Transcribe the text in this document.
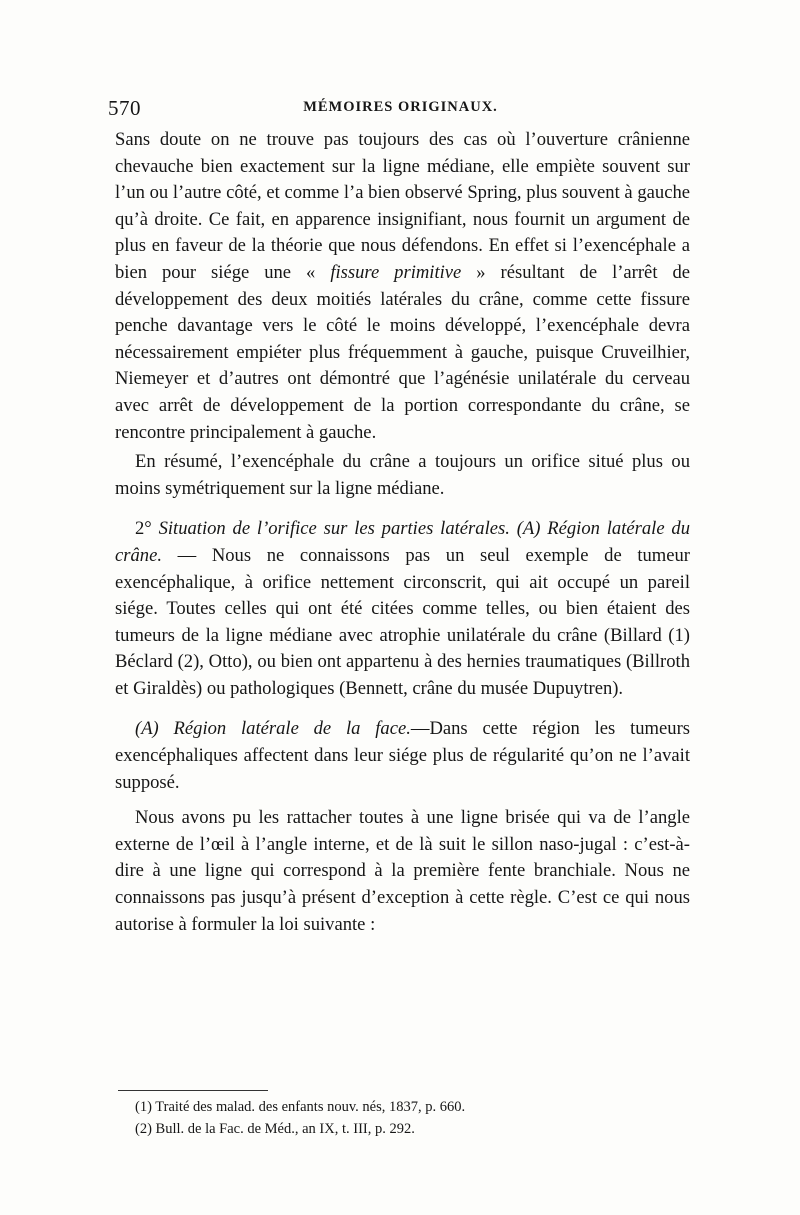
570	MÉMOIRES ORIGINAUX.

Sans doute on ne trouve pas toujours des cas où l’ouverture crânienne chevauche bien exactement sur la ligne médiane, elle empiète souvent sur l’un ou l’autre côté, et comme l’a bien observé Spring, plus souvent à gauche qu’à droite. Ce fait, en apparence insignifiant, nous fournit un argument de plus en faveur de la théorie que nous défendons. En effet si l’exencéphale a bien pour siége une « fissure primitive » résultant de l’arrêt de développement des deux moitiés latérales du crâne, comme cette fissure penche davantage vers le côté le moins développé, l’exencéphale devra nécessairement empiéter plus fréquemment à gauche, puisque Cruveilhier, Niemeyer et d’autres ont démontré que l’agénésie unilatérale du cerveau avec arrêt de développement de la portion correspondante du crâne, se rencontre principalement à gauche.

En résumé, l’exencéphale du crâne a toujours un orifice situé plus ou moins symétriquement sur la ligne médiane.

2° Situation de l’orifice sur les parties latérales. (A) Région latérale du crâne. — Nous ne connaissons pas un seul exemple de tumeur exencéphalique, à orifice nettement circonscrit, qui ait occupé un pareil siége. Toutes celles qui ont été citées comme telles, ou bien étaient des tumeurs de la ligne médiane avec atrophie unilatérale du crâne (Billard (1) Béclard (2), Otto), ou bien ont appartenu à des hernies traumatiques (Billroth et Giraldès) ou pathologiques (Bennett, crâne du musée Dupuytren).

(A) Région latérale de la face.—Dans cette région les tumeurs exencéphaliques affectent dans leur siége plus de régularité qu’on ne l’avait supposé.

Nous avons pu les rattacher toutes à une ligne brisée qui va de l’angle externe de l’œil à l’angle interne, et de là suit le sillon naso-jugal : c’est-à-dire à une ligne qui correspond à la première fente branchiale. Nous ne connaissons pas jusqu’à présent d’exception à cette règle. C’est ce qui nous autorise à formuler la loi suivante :

(1) Traité des malad. des enfants nouv. nés, 1837, p. 660.
(2) Bull. de la Fac. de Méd., an IX, t. III, p. 292.
